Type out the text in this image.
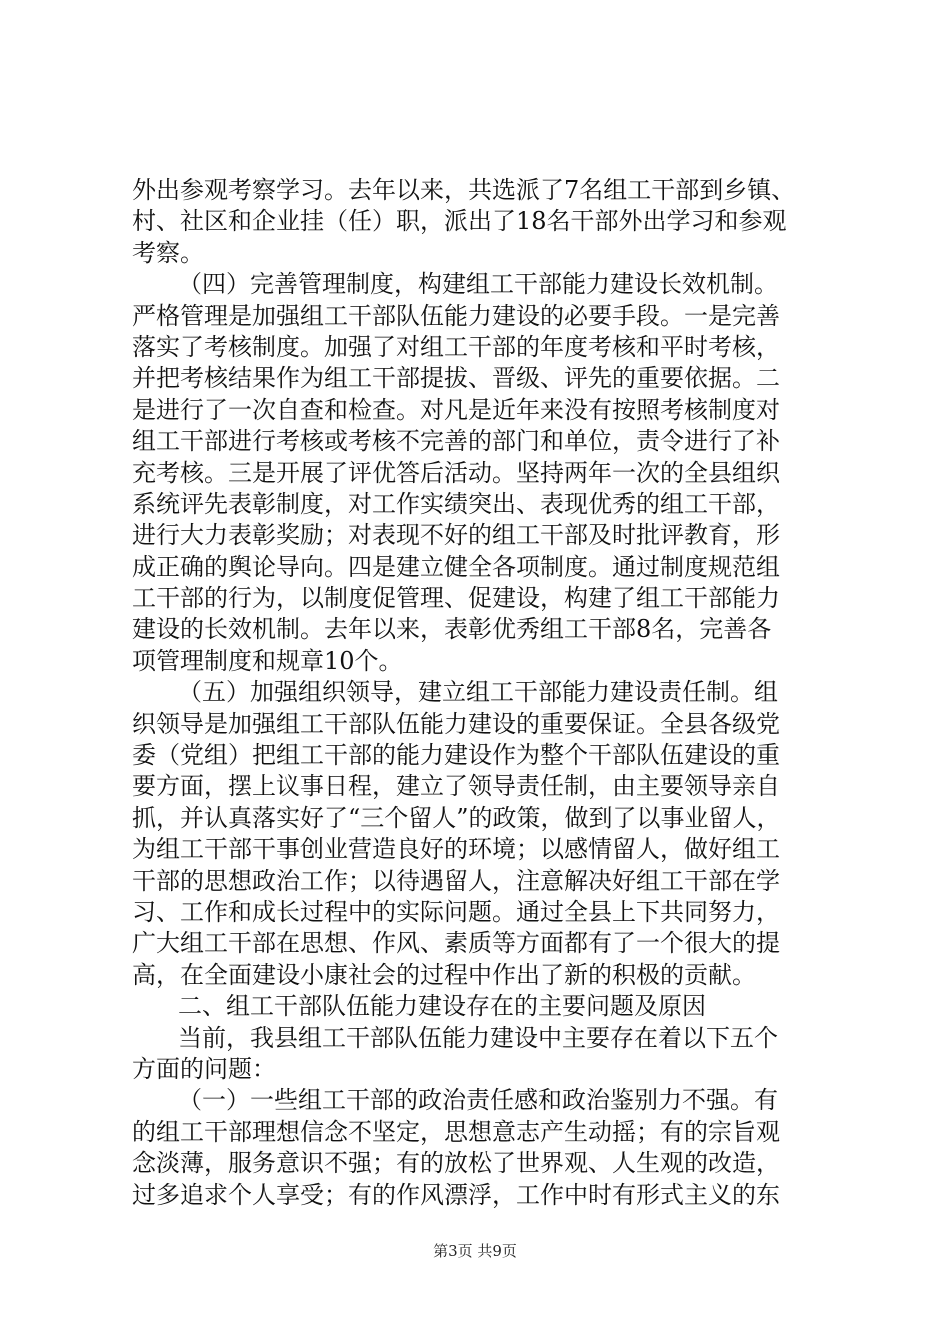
外出参观考察学习。去年以来，共选派了7名组工干部到乡镇、
村、社区和企业挂（任）职，派出了18名干部外出学习和参观
考察。
（四）完善管理制度，构建组工干部能力建设长效机制。
严格管理是加强组工干部队伍能力建设的必要手段。一是完善
落实了考核制度。加强了对组工干部的年度考核和平时考核，
并把考核结果作为组工干部提拔、晋级、评先的重要依据。二
是进行了一次自查和检查。对凡是近年来没有按照考核制度对
组工干部进行考核或考核不完善的部门和单位，责令进行了补
充考核。三是开展了评优答后活动。坚持两年一次的全县组织
系统评先表彰制度，对工作实绩突出、表现优秀的组工干部，
进行大力表彰奖励；对表现不好的组工干部及时批评教育，形
成正确的舆论导向。四是建立健全各项制度。通过制度规范组
工干部的行为，以制度促管理、促建设，构建了组工干部能力
建设的长效机制。去年以来，表彰优秀组工干部8名，完善各
项管理制度和规章10个。
（五）加强组织领导，建立组工干部能力建设责任制。组
织领导是加强组工干部队伍能力建设的重要保证。全县各级党
委（党组）把组工干部的能力建设作为整个干部队伍建设的重
要方面，摆上议事日程，建立了领导责任制，由主要领导亲自
抓，并认真落实好了“三个留人”的政策，做到了以事业留人，
为组工干部干事创业营造良好的环境；以感情留人，做好组工
干部的思想政治工作；以待遇留人，注意解决好组工干部在学
习、工作和成长过程中的实际问题。通过全县上下共同努力，
广大组工干部在思想、作风、素质等方面都有了一个很大的提
高，在全面建设小康社会的过程中作出了新的积极的贡献。
二、组工干部队伍能力建设存在的主要问题及原因
当前，我县组工干部队伍能力建设中主要存在着以下五个
方面的问题：
（一）一些组工干部的政治责任感和政治鉴别力不强。有
的组工干部理想信念不坚定，思想意志产生动摇；有的宗旨观
念淡薄，服务意识不强；有的放松了世界观、人生观的改造，
过多追求个人享受；有的作风漂浮，工作中时有形式主义的东
第3页 共9页
